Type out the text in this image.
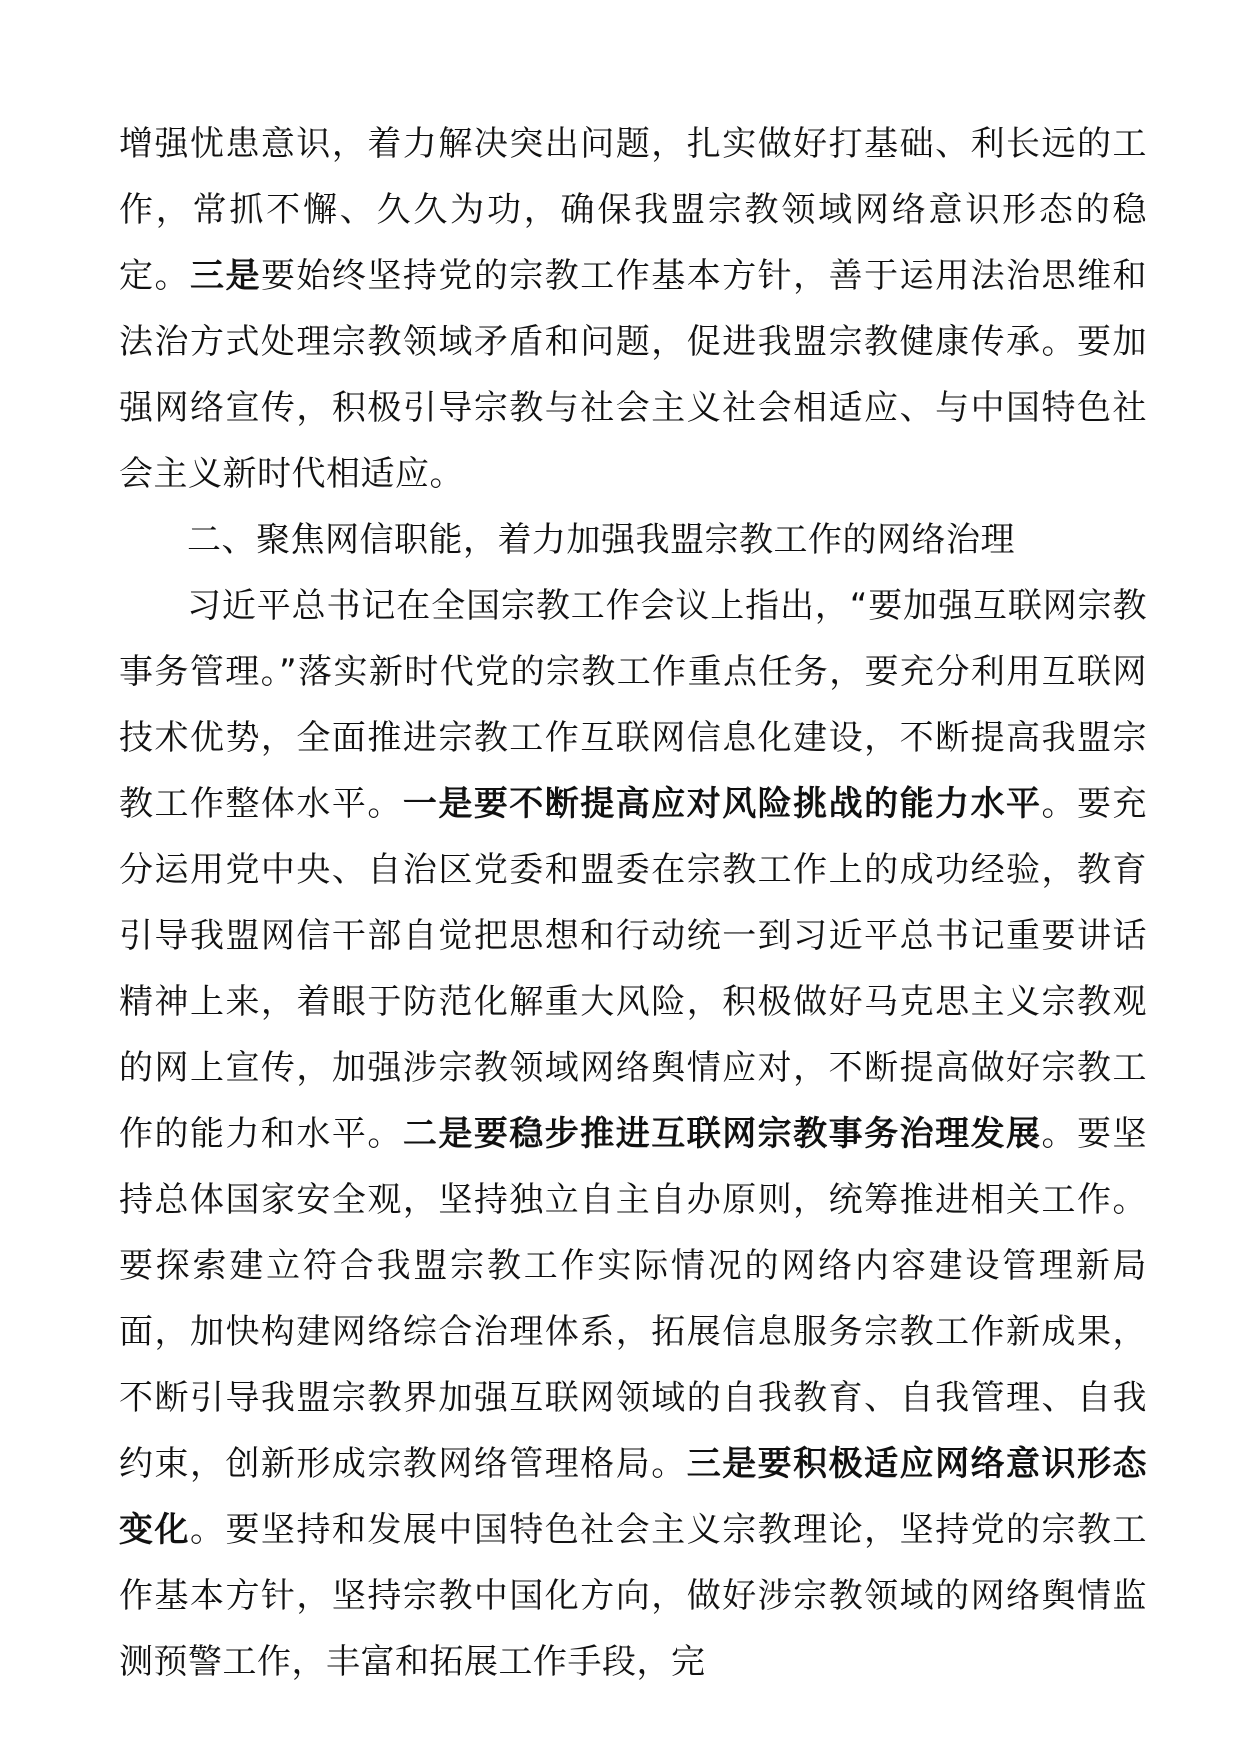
增强忧患意识，着力解决突出问题，扎实做好打基础、利长远的工作，常抓不懈、久久为功，确保我盟宗教领域网络意识形态的稳定。三是要始终坚持党的宗教工作基本方针，善于运用法治思维和法治方式处理宗教领域矛盾和问题，促进我盟宗教健康传承。要加强网络宣传，积极引导宗教与社会主义社会相适应、与中国特色社会主义新时代相适应。

二、聚焦网信职能，着力加强我盟宗教工作的网络治理

习近平总书记在全国宗教工作会议上指出，“要加强互联网宗教事务管理。”落实新时代党的宗教工作重点任务，要充分利用互联网技术优势，全面推进宗教工作互联网信息化建设，不断提高我盟宗教工作整体水平。一是要不断提高应对风险挑战的能力水平。要充分运用党中央、自治区党委和盟委在宗教工作上的成功经验，教育引导我盟网信干部自觉把思想和行动统一到习近平总书记重要讲话精神上来，着眼于防范化解重大风险，积极做好马克思主义宗教观的网上宣传，加强涉宗教领域网络舆情应对，不断提高做好宗教工作的能力和水平。二是要稳步推进互联网宗教事务治理发展。要坚持总体国家安全观，坚持独立自主自办原则，统筹推进相关工作。要探索建立符合我盟宗教工作实际情况的网络内容建设管理新局面，加快构建网络综合治理体系，拓展信息服务宗教工作新成果，不断引导我盟宗教界加强互联网领域的自我教育、自我管理、自我约束，创新形成宗教网络管理格局。三是要积极适应网络意识形态变化。要坚持和发展中国特色社会主义宗教理论，坚持党的宗教工作基本方针，坚持宗教中国化方向，做好涉宗教领域的网络舆情监测预警工作，丰富和拓展工作手段，完
